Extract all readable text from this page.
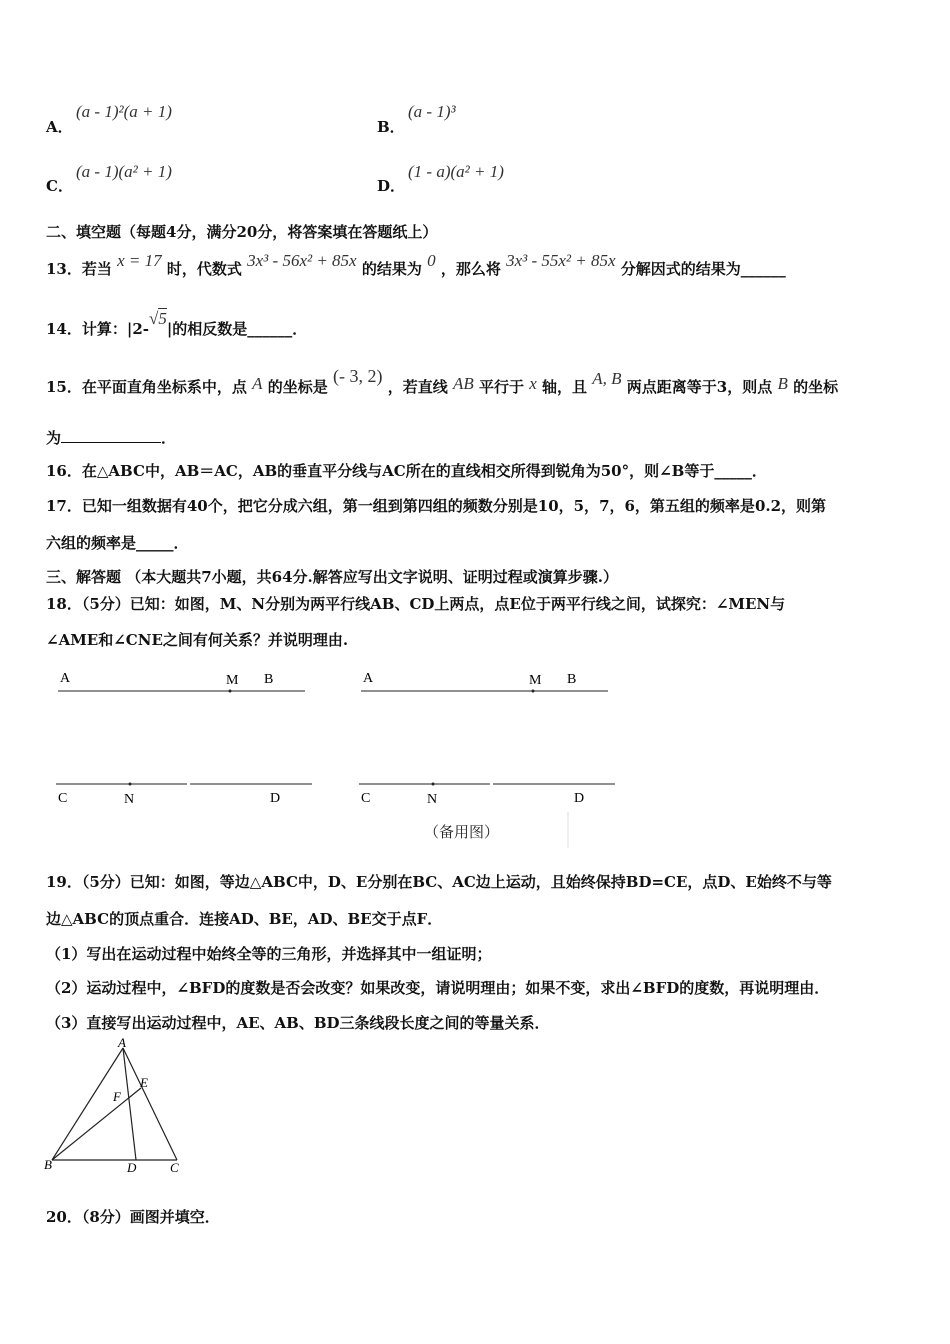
A．
(a - 1)²(a + 1)
B．
(a - 1)³
C．
(a - 1)(a² + 1)
D．
(1 - a)(a² + 1)
二、填空题（每题4分，满分20分，将答案填在答题纸上）
13．若当 x = 17 时，代数式 3x³ - 56x² + 85x 的结果为 0 ，那么将 3x³ - 55x² + 85x 分解因式的结果为______
14．计算：|2-√5|的相反数是______．
15．在平面直角坐标系中，点 A 的坐标是 (- 3, 2) ，若直线 AB 平行于 x 轴，且 A, B 两点距离等于3，则点 B 的坐标
为	．
16．在△ABC中，AB＝AC，AB的垂直平分线与AC所在的直线相交所得到锐角为50°，则∠B等于_____．
17．已知一组数据有40个，把它分成六组，第一组到第四组的频数分别是10，5，7，6，第五组的频率是0.2，则第
六组的频率是_____．
三、解答题 （本大题共7小题，共64分.解答应写出文字说明、证明过程或演算步骤.）
18．（5分）已知：如图，M、N分别为两平行线AB、CD上两点，点E位于两平行线之间，试探究：∠MEN与
∠AME和∠CNE之间有何关系？并说明理由.
A	M B
C	N	D
A	M B
C	N	D
（备用图）
19．（5分）已知：如图，等边△ABC中，D、E分别在BC、AC边上运动，且始终保持BD=CE，点D、E始终不与等
边△ABC的顶点重合．连接AD、BE，AD、BE交于点F．
（1）写出在运动过程中始终全等的三角形，并选择其中一组证明；
（2）运动过程中，∠BFD的度数是否会改变？如果改变，请说明理由；如果不变，求出∠BFD的度数，再说明理由．
（3）直接写出运动过程中，AE、AB、BD三条线段长度之间的等量关系．
A
E
F
B	D	C
20．（8分）画图并填空．
